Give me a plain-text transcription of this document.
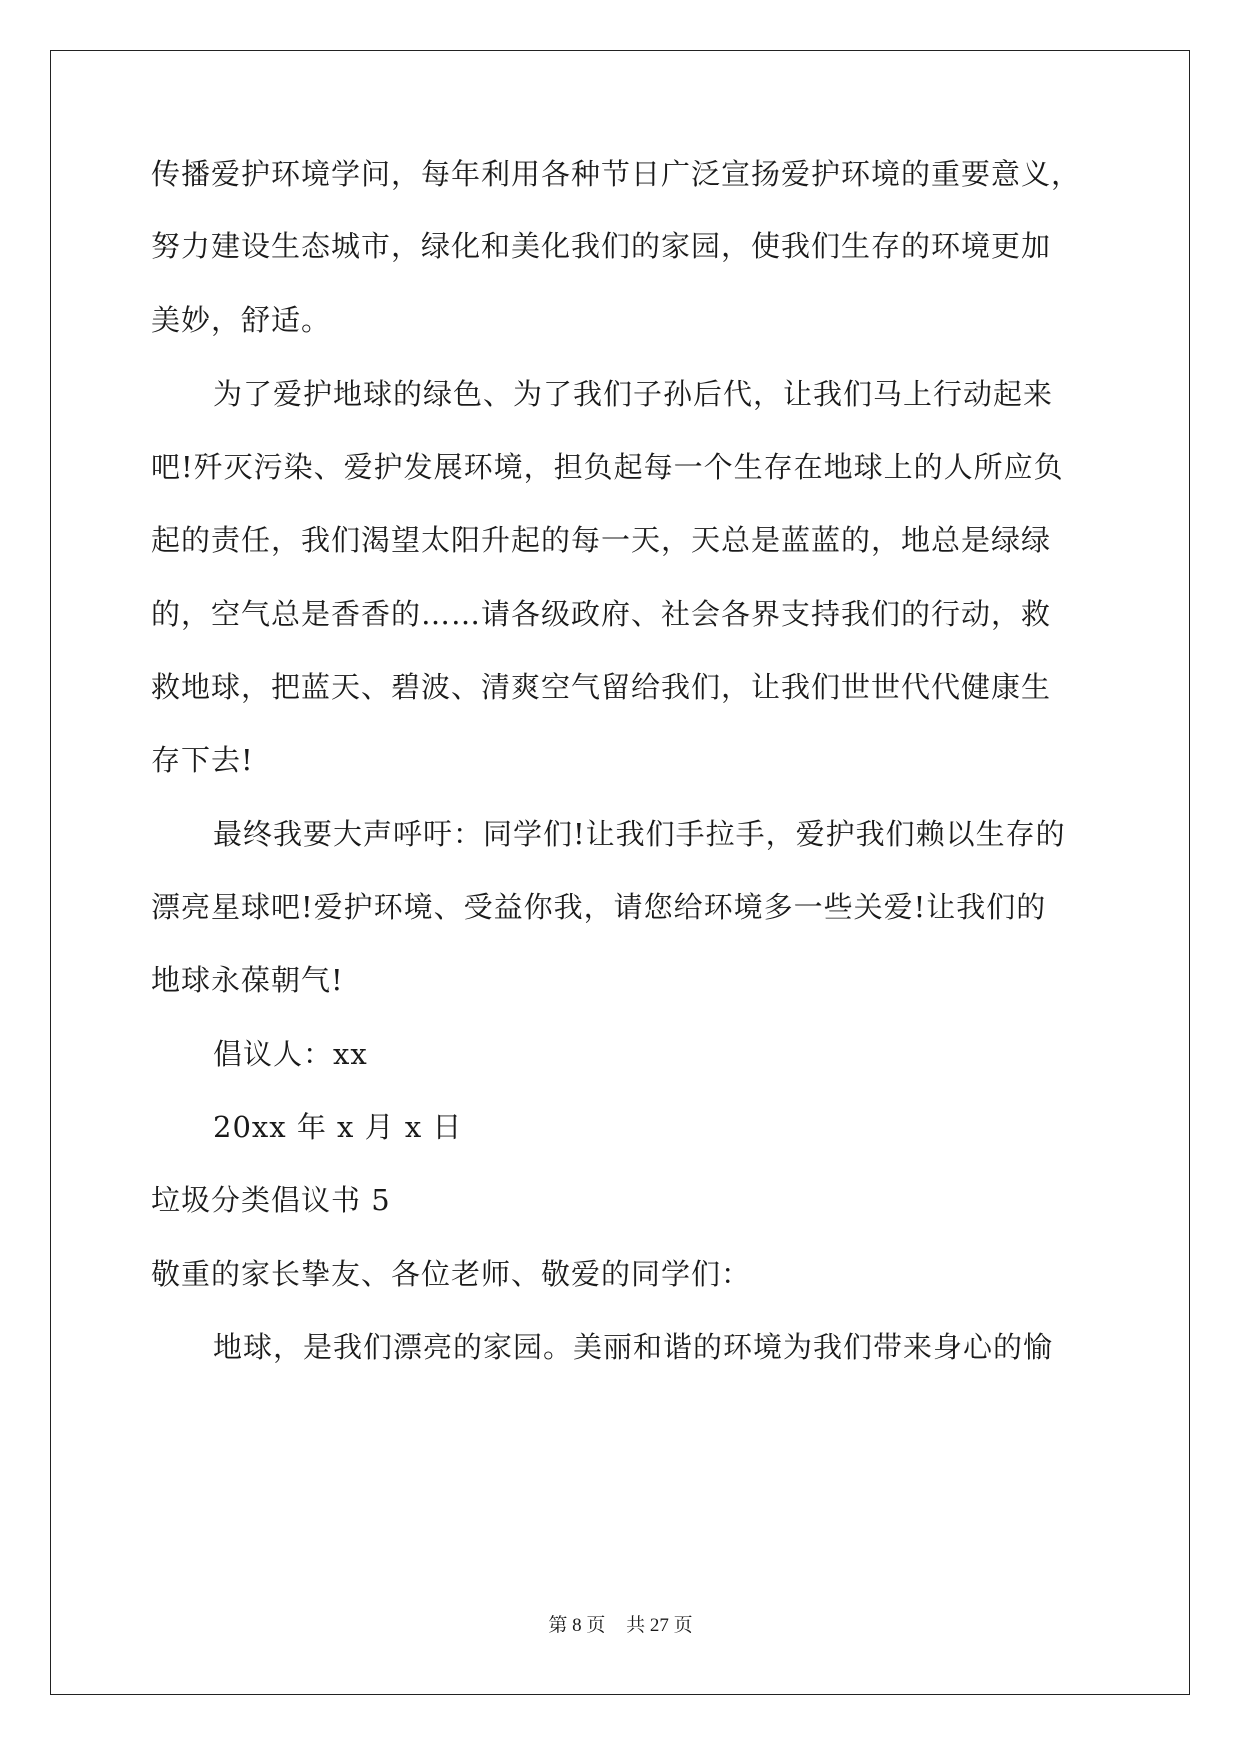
传播爱护环境学问，每年利用各种节日广泛宣扬爱护环境的重要意义，
努力建设生态城市，绿化和美化我们的家园，使我们生存的环境更加
美妙，舒适。
为了爱护地球的绿色、为了我们子孙后代，让我们马上行动起来
吧!歼灭污染、爱护发展环境，担负起每一个生存在地球上的人所应负
起的责任，我们渴望太阳升起的每一天，天总是蓝蓝的，地总是绿绿
的，空气总是香香的……请各级政府、社会各界支持我们的行动，救
救地球，把蓝天、碧波、清爽空气留给我们，让我们世世代代健康生
存下去!
最终我要大声呼吁：同学们!让我们手拉手，爱护我们赖以生存的
漂亮星球吧!爱护环境、受益你我，请您给环境多一些关爱!让我们的
地球永葆朝气!
倡议人：xx
20xx 年 x 月 x 日
垃圾分类倡议书 5
敬重的家长挚友、各位老师、敬爱的同学们：
地球，是我们漂亮的家园。美丽和谐的环境为我们带来身心的愉
第 8 页 共 27 页
